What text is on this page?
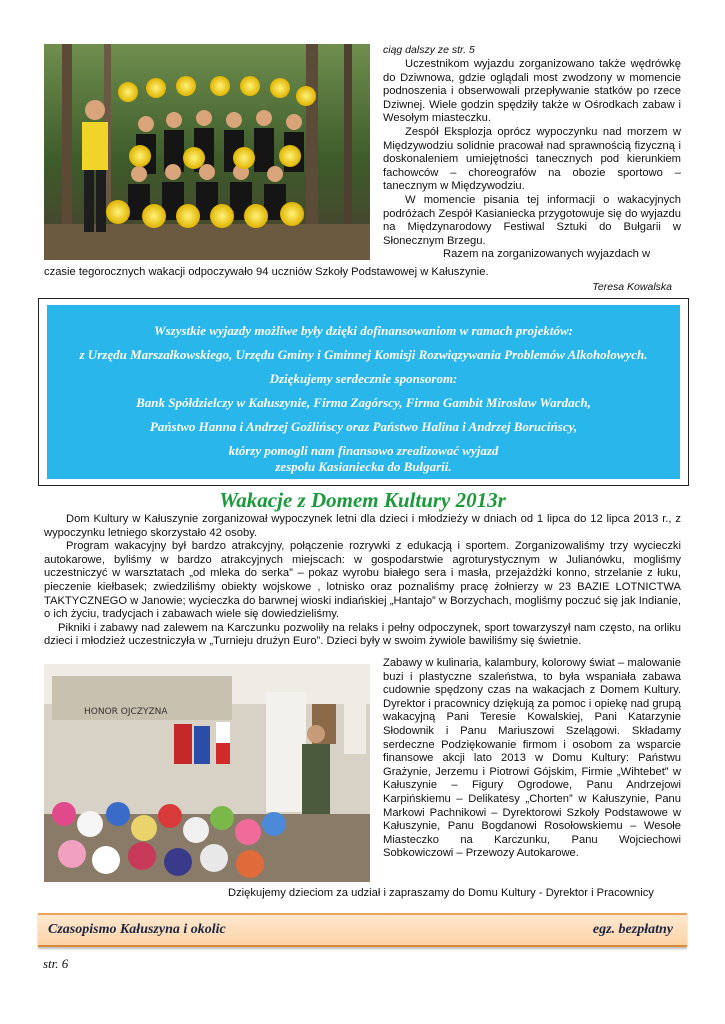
ciąg dalszy ze str. 5

Uczestnikom wyjazdu zorganizowano także wędrówkę do Dziwnowa, gdzie oglądali most zwodzony w momencie podnoszenia i obserwowali przepływanie statków po rzece Dziwnej. Wiele godzin spędziły także w Ośrodkach zabaw i Wesołym miasteczku.

Zespół Eksplozja oprócz wypoczynku nad morzem w Międzywodziu solidnie pracował nad sprawnością fizyczną i doskonaleniem umiejętności tanecznych pod kierunkiem fachowców – choreografów na obozie sportowo – tanecznym w Międzywodziu.

W momencie pisania tej informacji o wakacyjnych podróżach Zespół Kasianiecka przygotowuje się do wyjazdu na Międzynarodowy Festiwal Sztuki do Bułgarii w Słonecznym Brzegu.

Razem na zorganizowanych wyjazdach w

czasie tegorocznych wakacji odpoczywało 94 uczniów Szkoły Podstawowej w Kałuszynie.
Teresa Kowalska
Wszystkie wyjazdy możliwe były dzięki dofinansowaniom w ramach projektów:
z Urzędu Marszałkowskiego, Urzędu Gminy i Gminnej Komisji Rozwiązywania Problemów Alkoholowych.
Dziękujemy serdecznie sponsorom:
Bank Spółdzielczy w Kałuszynie, Firma Zagórscy, Firma Gambit Mirosław Wardach,
Państwo Hanna i Andrzej Goźlińscy oraz Państwo Halina i Andrzej Borucińscy,
którzy pomogli nam finansowo zrealizować wyjazd
zespołu Kasianiecka do Bułgarii.
Wakacje z Domem Kultury 2013r

Dom Kultury w Kałuszynie zorganizował wypoczynek letni dla dzieci i młodzieży w dniach od 1 lipca do 12 lipca 2013 r., z wypoczynku letniego skorzystało 42 osoby.

Program wakacyjny był bardzo atrakcyjny, połączenie rozrywki z edukacją i sportem. Zorganizowaliśmy trzy wycieczki autokarowe, byliśmy w bardzo atrakcyjnych miejscach: w gospodarstwie agroturystycznym w Julianówku, mogliśmy uczestniczyć w warsztatach „od mleka do serka” – pokaz wyrobu białego sera i masła, przejażdżki konno, strzelanie z łuku, pieczenie kiełbasek; zwiedziliśmy obiekty wojskowe , lotnisko oraz poznaliśmy pracę żołnierzy w 23 BAZIE LOTNICTWA TAKTYCZNEGO w Janowie; wycieczka do barwnej wioski indiańskiej „Hantajo” w Borzychach, mogliśmy poczuć się jak Indianie, o ich życiu, tradycjach i zabawach wiele się dowiedzieliśmy.

Pikniki i zabawy nad zalewem na Karczunku pozwoliły na relaks i pełny odpoczynek, sport towarzyszył nam często, na orliku dzieci i młodzież uczestniczyła w „Turnieju drużyn Euro”. Dzieci były w swoim żywiole bawiliśmy się świetnie.

HONOR OJCZYZNA

Zabawy w kulinaria, kalambury, kolorowy świat – malowanie buzi i plastyczne szaleństwa, to była wspaniała zabawa cudownie spędzony czas na wakacjach z Domem Kultury. Dyrektor i pracownicy dziękują za pomoc i opiekę nad grupą wakacyjną Pani Teresie Kowalskiej, Pani Katarzynie Słodownik i Panu Mariuszowi Szelągowi. Składamy serdeczne Podziękowanie firmom i osobom za wsparcie finansowe akcji lato 2013 w Domu Kultury: Państwu Grażynie, Jerzemu i Piotrowi Gójskim, Firmie „Wihtebet” w Kałuszynie – Figury Ogrodowe, Panu Andrzejowi Karpińskiemu – Delikatesy „Chorten” w Kałuszynie, Panu Markowi Pachnikowi – Dyrektorowi Szkoły Podstawowe w Kałuszynie, Panu Bogdanowi Rosołowskiemu – Wesołe Miasteczko na Karczunku, Panu Wojciechowi Sobkowiczowi – Przewozy Autokarowe.

Dziękujemy dzieciom za udział i zapraszamy do Domu Kultury - Dyrektor i Pracownicy
Czasopismo Kałuszyna i okolic	egz. bezpłatny
str. 6
